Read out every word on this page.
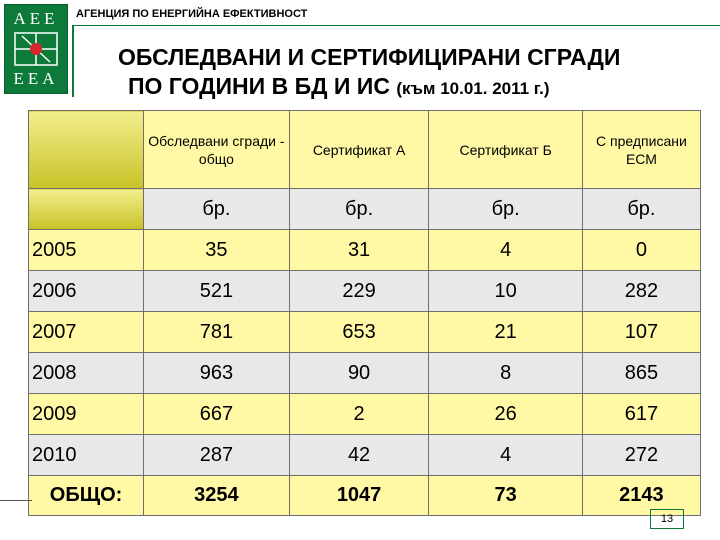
АЕЕ
ЕЕА
АГЕНЦИЯ ПО ЕНЕРГИЙНА ЕФЕКТИВНОСТ
ОБСЛЕДВАНИ И СЕРТИФИЦИРАНИ СГРАДИ
ПО ГОДИНИ В БД И ИС (към 10.01. 2011 г.)
	Обследвани сгради - общо	Сертификат А	Сертификат Б	С предписани ЕСМ
	бр.	бр.	бр.	бр.
2005	35	31	4	0
2006	521	229	10	282
2007	781	653	21	107
2008	963	90	8	865
2009	667	2	26	617
2010	287	42	4	272
ОБЩО:	3254	1047	73	2143
13
